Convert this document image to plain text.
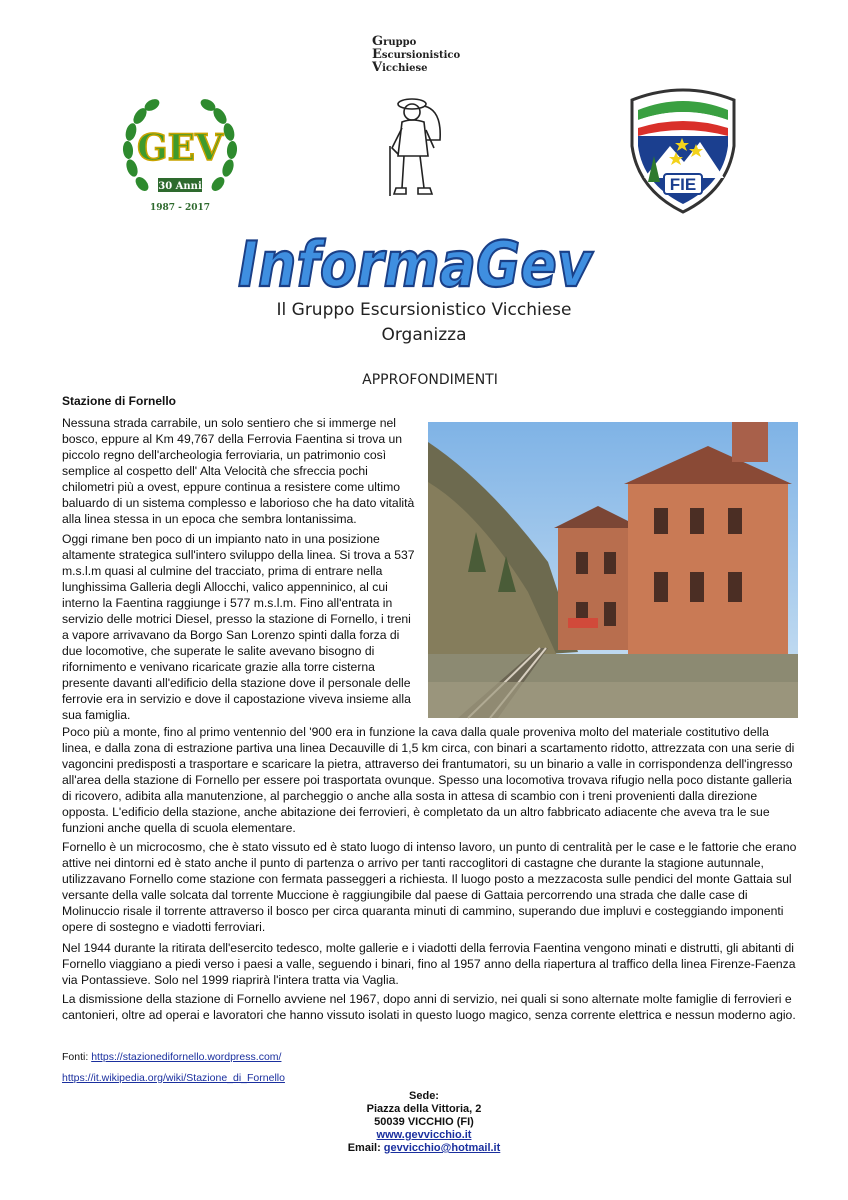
GEV
30 Anni
1987 - 2017
Gruppo
Escursionistico
Vicchiese
FIE
InformaGev
Il Gruppo Escursionistico Vicchiese
Organizza
APPROFONDIMENTI
Stazione di Fornello

Nessuna strada carrabile, un solo sentiero che si immerge nel bosco, eppure al Km 49,767 della Ferrovia Faentina si trova un piccolo regno dell'archeologia ferroviaria, un patrimonio così semplice al cospetto dell' Alta Velocità che sfreccia pochi chilometri più a ovest, eppure continua a resistere come ultimo baluardo di un sistema complesso e laborioso che ha dato vitalità alla linea stessa in un epoca che sembra lontanissima.

Oggi rimane ben poco di un impianto nato in una posizione altamente strategica sull'intero sviluppo della linea. Si trova a 537 m.s.l.m quasi al culmine del tracciato, prima di entrare nella lunghissima Galleria degli Allocchi, valico appenninico, al cui interno la Faentina raggiunge i 577 m.s.l.m. Fino all'entrata in servizio delle motrici Diesel, presso la stazione di Fornello, i treni a vapore arrivavano da Borgo San Lorenzo spinti dalla forza di due locomotive, che superate le salite avevano bisogno di rifornimento e venivano ricaricate grazie alla torre cisterna presente davanti all'edificio della stazione dove il personale delle ferrovie era in servizio e dove il capostazione viveva insieme alla sua famiglia.

Poco più a monte, fino al primo ventennio del '900 era in funzione la cava dalla quale proveniva molto del materiale costitutivo della linea, e dalla zona di estrazione partiva una linea Decauville di 1,5 km circa, con binari a scartamento ridotto, attrezzata con una serie di vagoncini predisposti a trasportare e scaricare la pietra, attraverso dei frantumatori, su un binario a valle in corrispondenza dell'ingresso all'area della stazione di Fornello per essere poi trasportata ovunque. Spesso una locomotiva trovava rifugio nella poco distante galleria di ricovero, adibita alla manutenzione, al parcheggio o anche alla sosta in attesa di scambio con i treni provenienti dalla direzione opposta. L'edificio della stazione, anche abitazione dei ferrovieri, è completato da un altro fabbricato adiacente che aveva tra le sue funzioni anche quella di scuola elementare.

Fornello è un microcosmo, che è stato vissuto ed è stato luogo di intenso lavoro, un punto di centralità per le case e le fattorie che erano attive nei dintorni ed è stato anche il punto di partenza o arrivo per tanti raccoglitori di castagne che durante la stagione autunnale, utilizzavano Fornello come stazione con fermata passeggeri a richiesta. Il luogo posto a mezzacosta sulle pendici del monte Gattaia sul versante della valle solcata dal torrente Muccione è raggiungibile dal paese di Gattaia percorrendo una strada che dalle case di Molinuccio risale il torrente attraverso il bosco per circa quaranta minuti di cammino, superando due impluvi e costeggiando imponenti opere di sostegno e viadotti ferroviari.

Nel 1944 durante la ritirata dell'esercito tedesco, molte gallerie e i viadotti della ferrovia Faentina vengono minati e distrutti, gli abitanti di Fornello viaggiano a piedi verso i paesi a valle, seguendo i binari, fino al 1957 anno della riapertura al traffico della linea Firenze-Faenza via Pontassieve. Solo nel 1999 riaprirà l'intera tratta via Vaglia.

La dismissione della stazione di Fornello avviene nel 1967, dopo anni di servizio, nei quali si sono alternate molte famiglie di ferrovieri e cantonieri, oltre ad operai e lavoratori che hanno vissuto isolati in questo luogo magico, senza corrente elettrica e nessun moderno agio.

Fonti: https://stazionedifornello.wordpress.com/
https://it.wikipedia.org/wiki/Stazione_di_Fornello
Sede:
Piazza della Vittoria, 2
50039 VICCHIO (FI)
www.gevvicchio.it
Email: gevvicchio@hotmail.it
